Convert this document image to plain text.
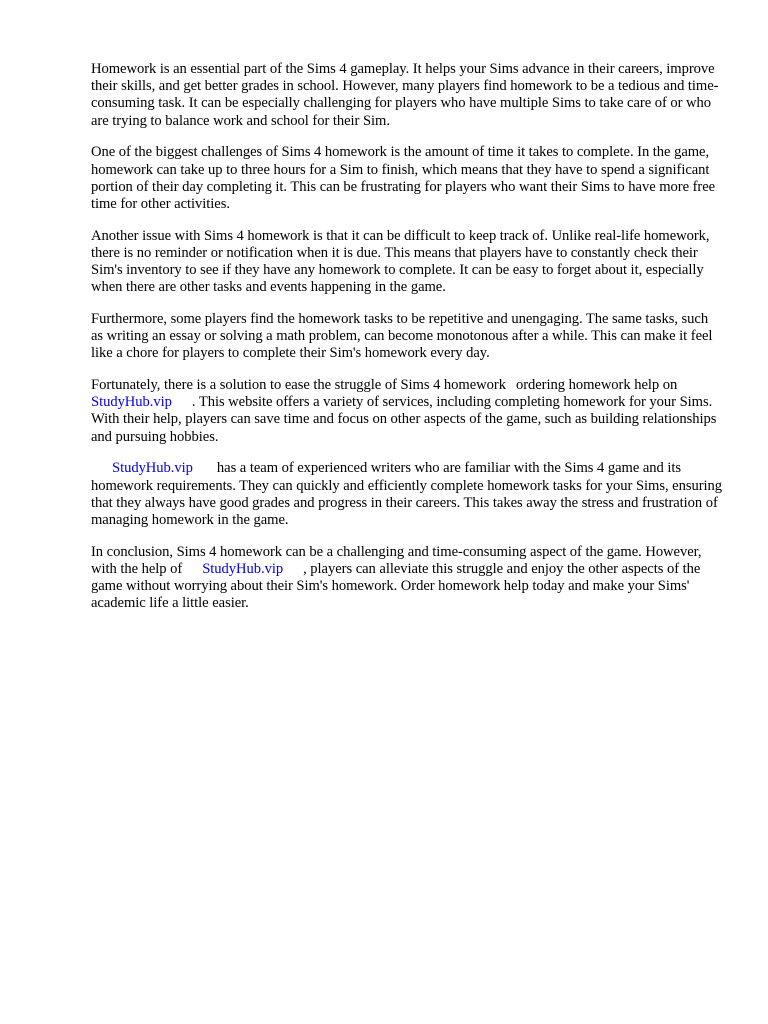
Homework is an essential part of the Sims 4 gameplay. It helps your Sims advance in their careers, improve their skills, and get better grades in school. However, many players find homework to be a tedious and time-consuming task. It can be especially challenging for players who have multiple Sims to take care of or who are trying to balance work and school for their Sim.

One of the biggest challenges of Sims 4 homework is the amount of time it takes to complete. In the game, homework can take up to three hours for a Sim to finish, which means that they have to spend a significant portion of their day completing it. This can be frustrating for players who want their Sims to have more free time for other activities.

Another issue with Sims 4 homework is that it can be difficult to keep track of. Unlike real-life homework, there is no reminder or notification when it is due. This means that players have to constantly check their Sim's inventory to see if they have any homework to complete. It can be easy to forget about it, especially when there are other tasks and events happening in the game.

Furthermore, some players find the homework tasks to be repetitive and unengaging. The same tasks, such as writing an essay or solving a math problem, can become monotonous after a while. This can make it feel like a chore for players to complete their Sim's homework every day.

Fortunately, there is a solution to ease the struggle of Sims 4 homework ordering homework help onStudyHub.vip . This website offers a variety of services, including completing homework for your Sims. With their help, players can save time and focus on other aspects of the game, such as building relationships and pursuing hobbies.

StudyHub.vip has a team of experienced writers who are familiar with the Sims 4 game and its homework requirements. They can quickly and efficiently complete homework tasks for your Sims, ensuring that they always have good grades and progress in their careers. This takes away the stress and frustration of managing homework in the game.

In conclusion, Sims 4 homework can be a challenging and time-consuming aspect of the game. However, with the help of StudyHub.vip , players can alleviate this struggle and enjoy the other aspects of the game without worrying about their Sim's homework. Order homework help today and make your Sims' academic life a little easier.
